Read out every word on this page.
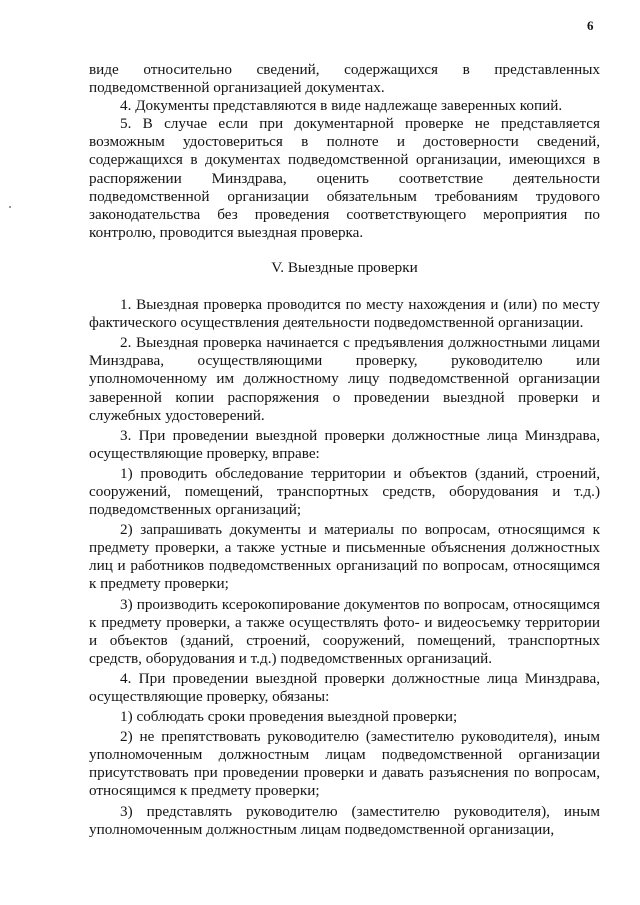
6

виде относительно сведений, содержащихся в представленных подведомственной организацией документах.

4. Документы представляются в виде надлежаще заверенных копий.

5. В случае если при документарной проверке не представляется возможным удостовериться в полноте и достоверности сведений, содержащихся в документах подведомственной организации, имеющихся в распоряжении Минздрава, оценить соответствие деятельности подведомственной организации обязательным требованиям трудового законодательства без проведения соответствующего мероприятия по контролю, проводится выездная проверка.

V. Выездные проверки

1. Выездная проверка проводится по месту нахождения и (или) по месту фактического осуществления деятельности подведомственной организации.

2. Выездная проверка начинается с предъявления должностными лицами Минздрава, осуществляющими проверку, руководителю или уполномоченному им должностному лицу подведомственной организации заверенной копии распоряжения о проведении выездной проверки и служебных удостоверений.

3. При проведении выездной проверки должностные лица Минздрава, осуществляющие проверку, вправе:

1) проводить обследование территории и объектов (зданий, строений, сооружений, помещений, транспортных средств, оборудования и т.д.) подведомственных организаций;

2) запрашивать документы и материалы по вопросам, относящимся к предмету проверки, а также устные и письменные объяснения должностных лиц и работников подведомственных организаций по вопросам, относящимся к предмету проверки;

3) производить ксерокопирование документов по вопросам, относящимся к предмету проверки, а также осуществлять фото- и видеосъемку территории и объектов (зданий, строений, сооружений, помещений, транспортных средств, оборудования и т.д.) подведомственных организаций.

4. При проведении выездной проверки должностные лица Минздрава, осуществляющие проверку, обязаны:

1) соблюдать сроки проведения выездной проверки;

2) не препятствовать руководителю (заместителю руководителя), иным уполномоченным должностным лицам подведомственной организации присутствовать при проведении проверки и давать разъяснения по вопросам, относящимся к предмету проверки;

3) представлять руководителю (заместителю руководителя), иным уполномоченным должностным лицам подведомственной организации,
